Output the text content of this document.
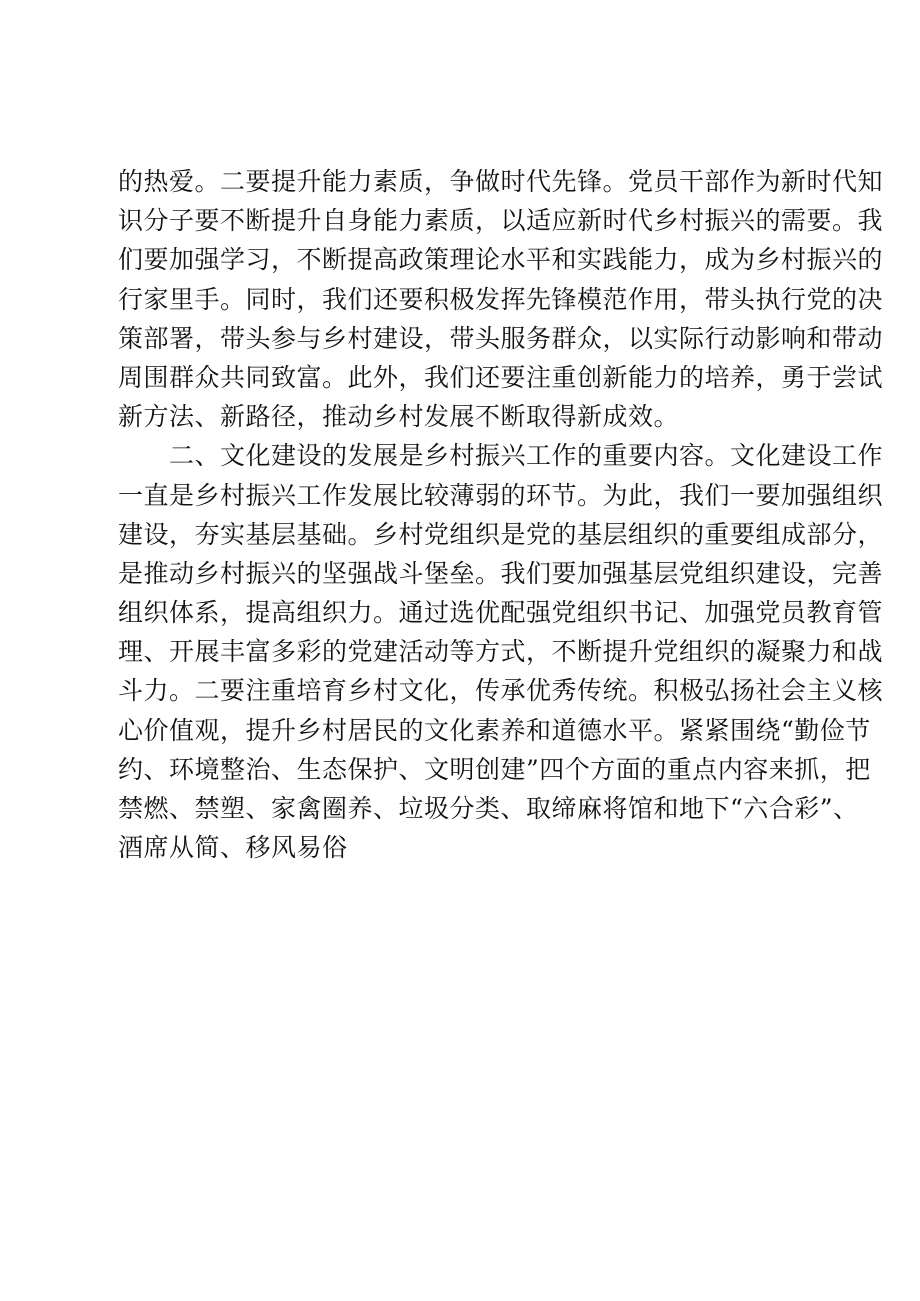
的热爱。二要提升能力素质，争做时代先锋。党员干部作为新时代知
识分子要不断提升自身能力素质，以适应新时代乡村振兴的需要。我
们要加强学习，不断提高政策理论水平和实践能力，成为乡村振兴的
行家里手。同时，我们还要积极发挥先锋模范作用，带头执行党的决
策部署，带头参与乡村建设，带头服务群众，以实际行动影响和带动
周围群众共同致富。此外，我们还要注重创新能力的培养，勇于尝试
新方法、新路径，推动乡村发展不断取得新成效。
　　二、文化建设的发展是乡村振兴工作的重要内容。文化建设工作
一直是乡村振兴工作发展比较薄弱的环节。为此，我们一要加强组织
建设，夯实基层基础。乡村党组织是党的基层组织的重要组成部分，
是推动乡村振兴的坚强战斗堡垒。我们要加强基层党组织建设，完善
组织体系，提高组织力。通过选优配强党组织书记、加强党员教育管
理、开展丰富多彩的党建活动等方式，不断提升党组织的凝聚力和战
斗力。二要注重培育乡村文化，传承优秀传统。积极弘扬社会主义核
心价值观，提升乡村居民的文化素养和道德水平。紧紧围绕“勤俭节
约、环境整治、生态保护、文明创建”四个方面的重点内容来抓，把
禁燃、禁塑、家禽圈养、垃圾分类、取缔麻将馆和地下“六合彩”、
酒席从简、移风易俗
